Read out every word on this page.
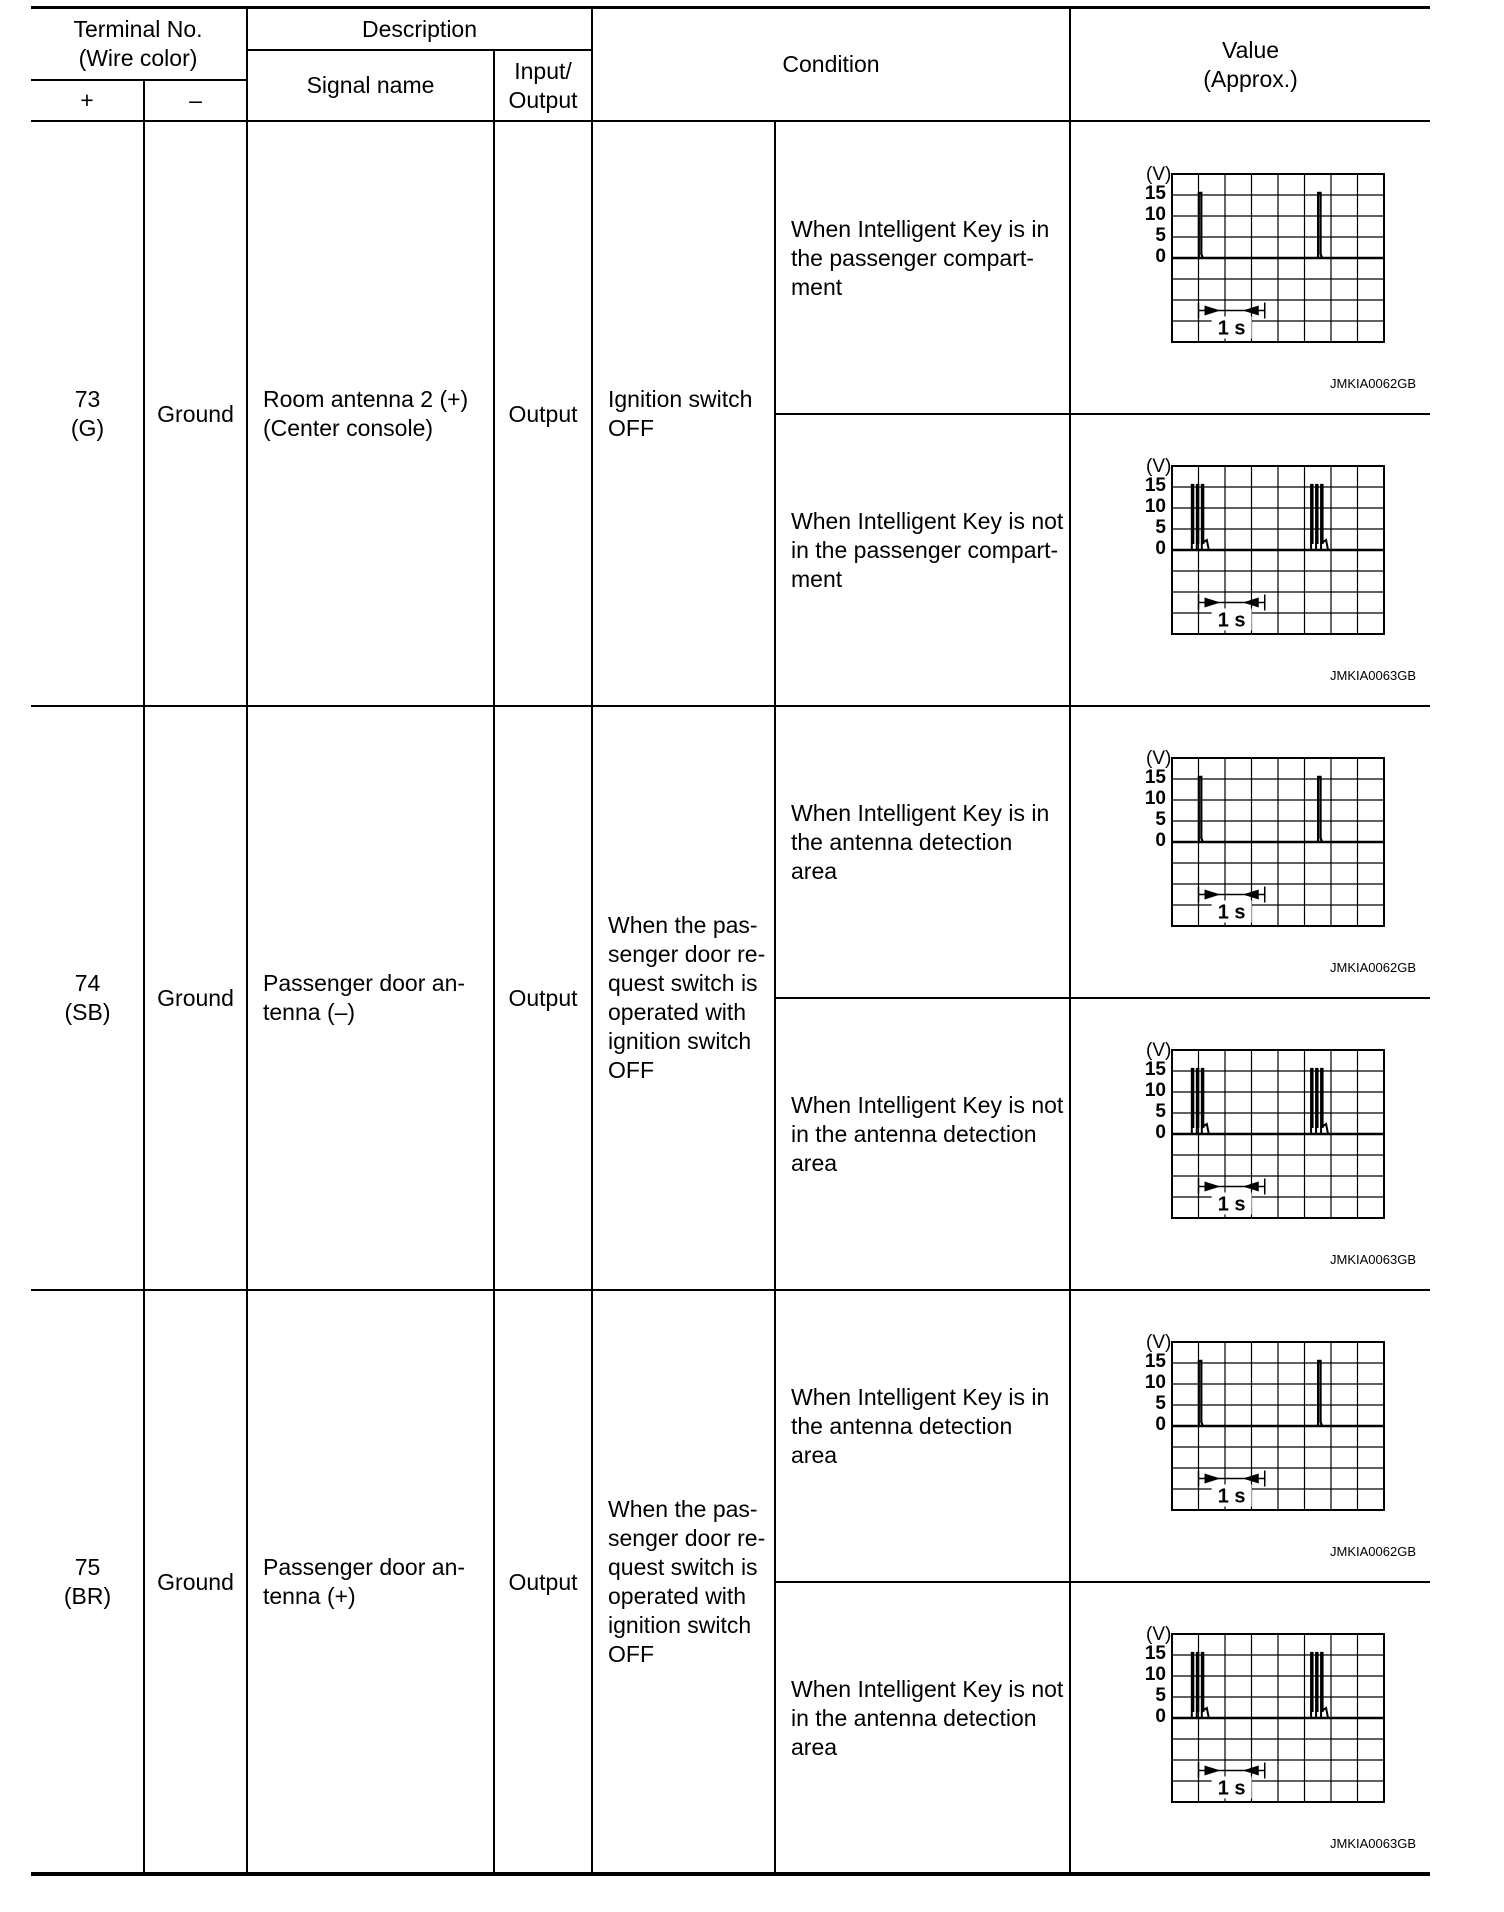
Terminal No.
(Wire color)
+	–
Description
Signal name
Input/
Output
Condition
Value
(Approx.)
73
(G)
Ground
Room antenna 2 (+)
(Center console)
Output
Ignition switch
OFF
When Intelligent Key is in
the passenger compart-
ment
(V)
15
10
5
0
1 s
JMKIA0062GB
When Intelligent Key is not
in the passenger compart-
ment
(V)
15
10
5
0
1 s
JMKIA0063GB
74
(SB)
Ground
Passenger door an-
tenna (–)
Output
When the pas-
senger door re-
quest switch is
operated with
ignition switch
OFF
When Intelligent Key is in
the antenna detection
area
(V)
15
10
5
0
1 s
JMKIA0062GB
When Intelligent Key is not
in the antenna detection
area
(V)
15
10
5
0
1 s
JMKIA0063GB
75
(BR)
Ground
Passenger door an-
tenna (+)
Output
When the pas-
senger door re-
quest switch is
operated with
ignition switch
OFF
When Intelligent Key is in
the antenna detection
area
(V)
15
10
5
0
1 s
JMKIA0062GB
When Intelligent Key is not
in the antenna detection
area
(V)
15
10
5
0
1 s
JMKIA0063GB
